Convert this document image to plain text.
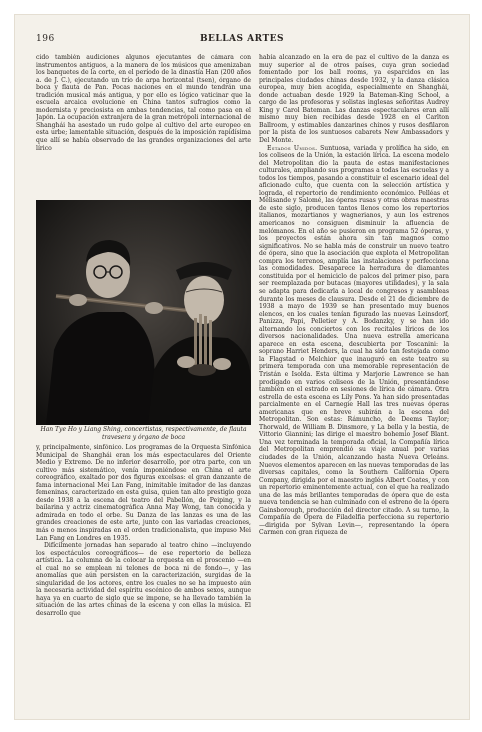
196	BELLAS ARTES

cido también audiciones algunos ejecutantes de cámara con instrumentos antiguos, a la manera de los músicos que amenizaban los banquetes de la corte, en el período de la dinastía Han (200 años a. de J. C.), ejecutando un trío de arpa horizontal (tsen), órgano de boca y flauta de Pan. Pocas naciones en el mundo tendrán una tradición musical más antigua, y por ello es lógico vaticinar que la escuela arcaica evolucione en China tantos sufragios como la modernista y preciosista en ambas tendencias, tal como pasa en el Japón. La ocupación extranjera de la gran metrópoli internacional de Shanghái ha asestado un rudo golpe al cultivo del arte europeo en esta urbe; lamentable situación, después de la imposición rapidísima que allí se había observado de las grandes organizaciones del arte lírico

Han Tye Ho y Liang Shing, concertistas, respectivamente, de flauta travesera y órgano de boca

y, principalmente, sinfónico. Los programas de la Orquesta Sinfónica Municipal de Shanghái eran los más espectaculares del Oriente Medio y Extremo. De no inferior desarrollo, por otra parte, con un cultivo más sistemático, venía imponiéndose en China el arte coreográfico, exaltado por dos figuras excelsas: el gran danzante de fama internacional Mei Lan Fang, inimitable imitador de las danzas femeninas, caracterizado en esta guisa, quien tan alto prestigio goza desde 1938 a la escena del teatro del Pabellón, de Peiping, y la bailarina y actriz cinematográfica Anna May Wong, tan conocida y admirada en todo el orbe. Su Danza de las lanzas es una de las grandes creaciones de este arte, junto con las variadas creaciones, más o menos inspiradas en el orden tradicionalista, que impuso Mei Lan Fang en Londres en 1935.

Difícilmente jornadas han separado al teatro chino —incluyendo los espectáculos coreográficos— de ese repertorio de belleza artística. La columna de la colocar la orquesta en el proscenio —en el cual no se emplean ni telones de boca ni de fondo—, y las anomalías que aún persisten en la caracterización, surgidas de la singularidad de los actores, entre los cuales no se ha impuesto aún la necesaria actividad del espíritu escénico de ambos sexos, aunque haya ya en cuarto de siglo que se impone, se ha llevado también la situación de las artes chinas de la escena y con ellas la música. El desarrollo que

había alcanzado en la era de paz el cultivo de la danza es muy superior al de otros países, cuya gran sociedad fomentado por los ball rooms, ya esparcidos en las principales ciudades chinas desde 1932, y la danza clásica europea, muy bien acogida, especialmente en Shanghái, donde actuaban desde 1929 la Bateman-King School, a cargo de las profesoras y solistas inglesas señoritas Audrey King y Carol Bateman. Las danzas espectaculares eran allí mismo muy bien recibidas desde 1928 en el Carlton Ballroom, y estimables danzarines chinos y rusos desfilaron por la pista de los suntuosos cabarets New Ambassadors y Del Monte.

Estados Unidos. Suntuosa, variada y prolífica ha sido, en los coliseos de la Unión, la estación lírica. La escena modelo del Metropolitan dio la pauta de estas manifestaciones culturales, ampliando sus programas a todas las escuelas y a todos los tiempos, pasando a constituir el escenario ideal del aficionado culto, que cuenta con la selección artística y lograda, el repertorio de rendimiento económico. Pelléas et Mélisande y Salomé, las óperas rusas y otras obras maestras de este siglo, producen tantos llenos como los repertorios italianos, mozartianos y wagnerianos, y aun los estrenos americanos no consiguen disminuir la afluencia de melómanos. En el año se pusieron en programa 52 óperas, y los proyectos están ahora sin tan magnos como significativos. No se habla más de construir un nuevo teatro de ópera, sino que la asociación que explota el Metropolitan compra los terrenos, amplía las instalaciones y perfecciona las comodidades. Desaparece la herradura de diamantes constituida por el hemiciclo de palcos del primer piso, para ser reemplazada por butacas (mayores utilidades), y la sala se adapta para dedicarla a local de congresos y asambleas durante los meses de clausura. Desde el 21 de diciembre de 1938 a mayo de 1939 se han presentado muy buenos elencos, en los cuales tenían figurado las nuevas Leinsdorf, Panizza, Papi, Pelletier y A. Bodanzky, y se han ido alternando los conciertos con los recitales líricos de los diversos nacionalidades. Una nueva estrella americana aparece en esta escena, descubierta por Toscanini: la soprano Harriet Henders, la cual ha sido tan festejada como la Flagstad o Melchior que inauguró en este teatro su primera temporada con una memorable representación de Tristán e Isolda. Esta última y Marjorie Lawrence se han prodigado en varios coliseos de la Unión, presentándose también en el estrado en sesiones de lírica de cámara. Otra estrella de esta escena es Lily Pons. Ya han sido presentadas parcialmente en el Carnegie Hall las tres nuevas óperas americanas que en breve subirán a la escena del Metropolitan. Son estas: Rámuncho, de Deems Taylor; Thorwald, de William B. Dinsmore, y La bella y la bestia, de Vittorio Giannini; las dirige el maestro bohemio Josef Blant. Una vez terminada la temporada oficial, la Compañía lírica del Metropolitan emprendió su viaje anual por varias ciudades de la Unión, alcanzando hasta Nueva Orleáns. Nuevos elementos aparecen en las nuevas temporadas de las diversas capitales, como la Southern California Opera Company, dirigida por el maestro inglés Albert Coates, y con un repertorio eminentemente actual, con el que ha realizado una de las más brillantes temporadas de ópera que de esta nueva tendencia se han culminado con el estreno de la ópera Gainsborough, producción del director citado. A su turno, la Compañía de Ópera de Filadelfia perfecciona su repertorio —dirigida por Sylvan Levin—, representando la ópera Carmen con gran riqueza de
